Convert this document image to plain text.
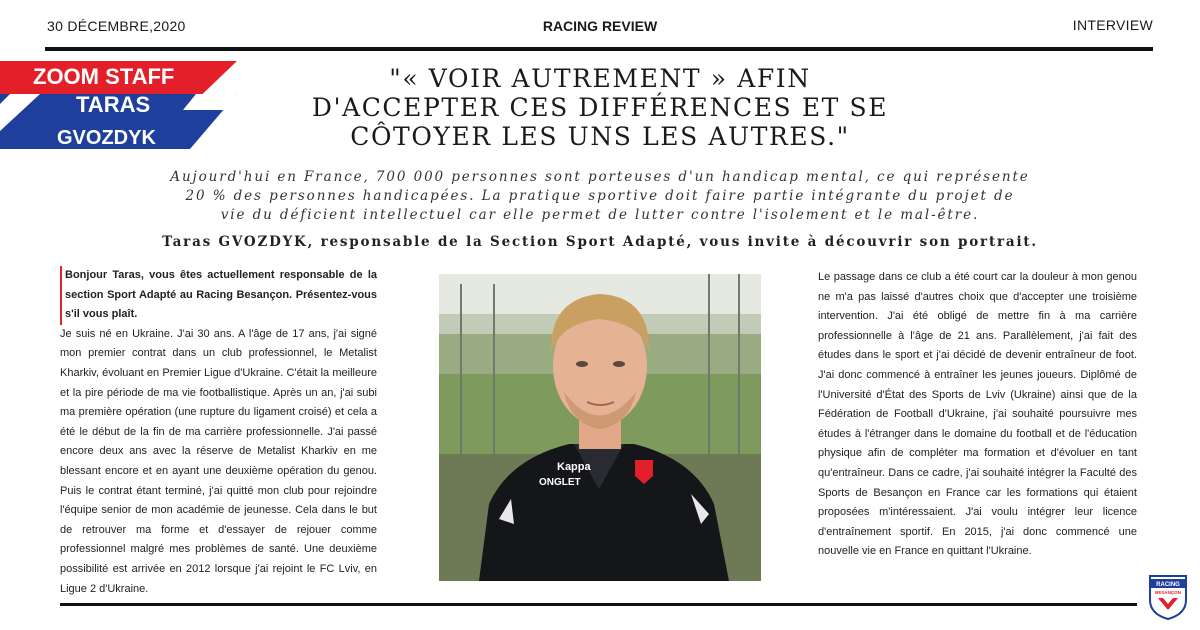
30 DÉCEMBRE,2020	RACING REVIEW	INTERVIEW
ZOOM STAFF
TARAS
GVOZDYK
"« VOIR AUTREMENT » AFIN D'ACCEPTER CES DIFFÉRENCES ET SE CÔTOYER LES UNS LES AUTRES."
Aujourd'hui en France, 700 000 personnes sont porteuses d'un handicap mental, ce qui représente 20 % des personnes handicapées. La pratique sportive doit faire partie intégrante du projet de vie du déficient intellectuel car elle permet de lutter contre l'isolement et le mal-être.
Taras GVOZDYK, responsable de la Section Sport Adapté, vous invite à découvrir son portrait.
Bonjour Taras, vous êtes actuellement responsable de la section Sport Adapté au Racing Besançon. Présentez-vous s'il vous plaît.
Je suis né en Ukraine. J'ai 30 ans. A l'âge de 17 ans, j'ai signé mon premier contrat dans un club professionnel, le Metalist Kharkiv, évoluant en Premier Ligue d'Ukraine. C'était la meilleure et la pire période de ma vie footballistique. Après un an, j'ai subi ma première opération (une rupture du ligament croisé) et cela a été le début de la fin de ma carrière professionnelle. J'ai passé encore deux ans avec la réserve de Metalist Kharkiv en me blessant encore et en ayant une deuxième opération du genou. Puis le contrat étant terminé, j'ai quitté mon club pour rejoindre l'équipe senior de mon académie de jeunesse. Cela dans le but de retrouver ma forme et d'essayer de rejouer comme professionnel malgré mes problèmes de santé. Une deuxième possibilité est arrivée en 2012 lorsque j'ai rejoint le FC Lviv, en Ligue 2 d'Ukraine.
Kappa
ONGLET
Le passage dans ce club a été court car la douleur à mon genou ne m'a pas laissé d'autres choix que d'accepter une troisième intervention. J'ai été obligé de mettre fin à ma carrière professionnelle à l'âge de 21 ans. Parallèlement, j'ai fait des études dans le sport et j'ai décidé de devenir entraîneur de foot. J'ai donc commencé à entraîner les jeunes joueurs. Diplômé de l'Université d'État des Sports de Lviv (Ukraine) ainsi que de la Fédération de Football d'Ukraine, j'ai souhaité poursuivre mes études à l'étranger dans le domaine du football et de l'éducation physique afin de compléter ma formation et d'évoluer en tant qu'entraîneur. Dans ce cadre, j'ai souhaité intégrer la Faculté des Sports de Besançon en France car les formations qui étaient proposées m'intéressaient. J'ai voulu intégrer leur licence d'entraînement sportif. En 2015, j'ai donc commencé une nouvelle vie en France en quittant l'Ukraine.
RACING
BESANÇON
